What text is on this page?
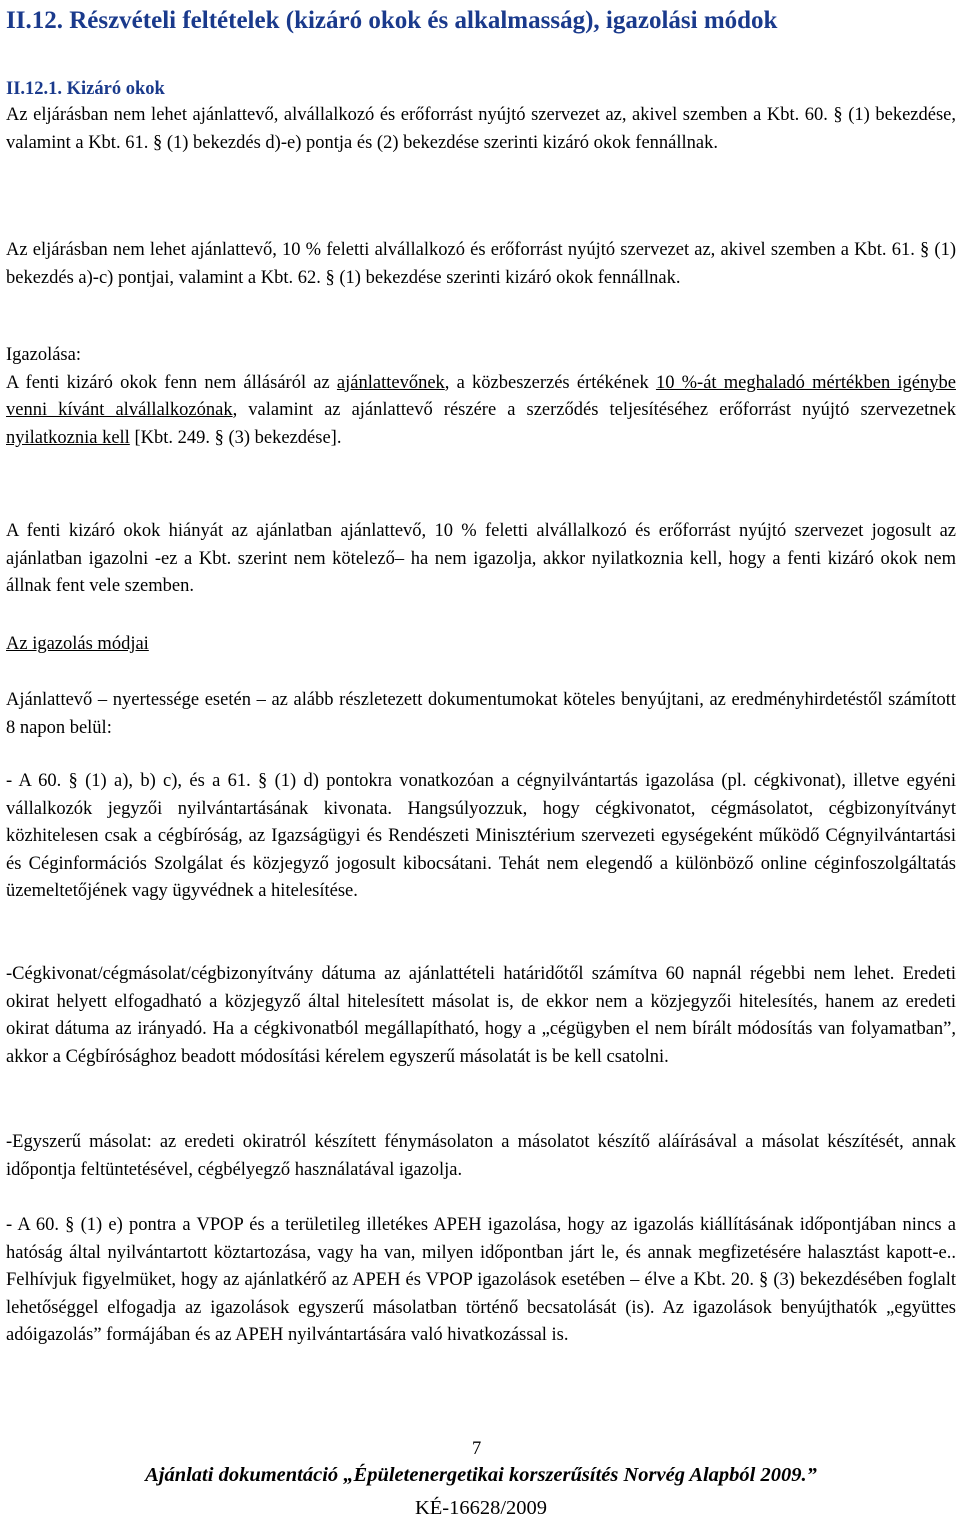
II.12. Részvételi feltételek (kizáró okok és alkalmasság), igazolási módok
II.12.1. Kizáró okok

Az eljárásban nem lehet ajánlattevő, alvállalkozó és erőforrást nyújtó szervezet az, akivel szemben a Kbt. 60. § (1) bekezdése, valamint a Kbt. 61. § (1) bekezdés d)-e) pontja és (2) bekezdése szerinti kizáró okok fennállnak.

Az eljárásban nem lehet ajánlattevő, 10 % feletti alvállalkozó és erőforrást nyújtó szervezet az, akivel szemben a Kbt. 61. § (1) bekezdés a)-c) pontjai, valamint a Kbt. 62. § (1) bekezdése szerinti kizáró okok fennállnak.

Igazolása:
A fenti kizáró okok fenn nem állásáról az ajánlattevőnek, a közbeszerzés értékének 10 %-át meghaladó mértékben igénybe venni kívánt alvállalkozónak, valamint az ajánlattevő részére a szerződés teljesítéséhez erőforrást nyújtó szervezetnek nyilatkoznia kell [Kbt. 249. § (3) bekezdése].

A fenti kizáró okok hiányát az ajánlatban ajánlattevő, 10 % feletti alvállalkozó és erőforrást nyújtó szervezet jogosult az ajánlatban igazolni -ez a Kbt. szerint nem kötelező– ha nem igazolja, akkor nyilatkoznia kell, hogy a fenti kizáró okok nem állnak fent vele szemben.

Az igazolás módjai

Ajánlattevő – nyertessége esetén – az alább részletezett dokumentumokat köteles benyújtani, az eredményhirdetéstől számított 8 napon belül:

- A 60. § (1) a), b) c), és a 61. § (1) d) pontokra vonatkozóan a cégnyilvántartás igazolása (pl. cégkivonat), illetve egyéni vállalkozók jegyzői nyilvántartásának kivonata. Hangsúlyozzuk, hogy cégkivonatot, cégmásolatot, cégbizonyítványt közhitelesen csak a cégbíróság, az Igazságügyi és Rendészeti Minisztérium szervezeti egységeként működő Cégnyilvántartási és Céginformációs Szolgálat és közjegyző jogosult kibocsátani. Tehát nem elegendő a különböző online céginfoszolgáltatás üzemeltetőjének vagy ügyvédnek a hitelesítése.

-Cégkivonat/cégmásolat/cégbizonyítvány dátuma az ajánlattételi határidőtől számítva 60 napnál régebbi nem lehet. Eredeti okirat helyett elfogadható a közjegyző által hitelesített másolat is, de ekkor nem a közjegyzői hitelesítés, hanem az eredeti okirat dátuma az irányadó. Ha a cégkivonatból megállapítható, hogy a „cégügyben el nem bírált módosítás van folyamatban”, akkor a Cégbírósághoz beadott módosítási kérelem egyszerű másolatát is be kell csatolni.

-Egyszerű másolat: az eredeti okiratról készített fénymásolaton a másolatot készítő aláírásával a másolat készítését, annak időpontja feltüntetésével, cégbélyegző használatával igazolja.

- A 60. § (1) e) pontra a VPOP és a területileg illetékes APEH igazolása, hogy az igazolás kiállításának időpontjában nincs a hatóság által nyilvántartott köztartozása, vagy ha van, milyen időpontban járt le, és annak megfizetésére halasztást kapott-e.. Felhívjuk figyelmüket, hogy az ajánlatkérő az APEH és VPOP igazolások esetében – élve a Kbt. 20. § (3) bekezdésében foglalt lehetőséggel elfogadja az igazolások egyszerű másolatban történő becsatolását (is). Az igazolások benyújthatók „együttes adóigazolás” formájában és az APEH nyilvántartására való hivatkozással is.

7
Ajánlati dokumentáció „Épületenergetikai korszerűsítés Norvég Alapból 2009.”
KÉ-16628/2009
